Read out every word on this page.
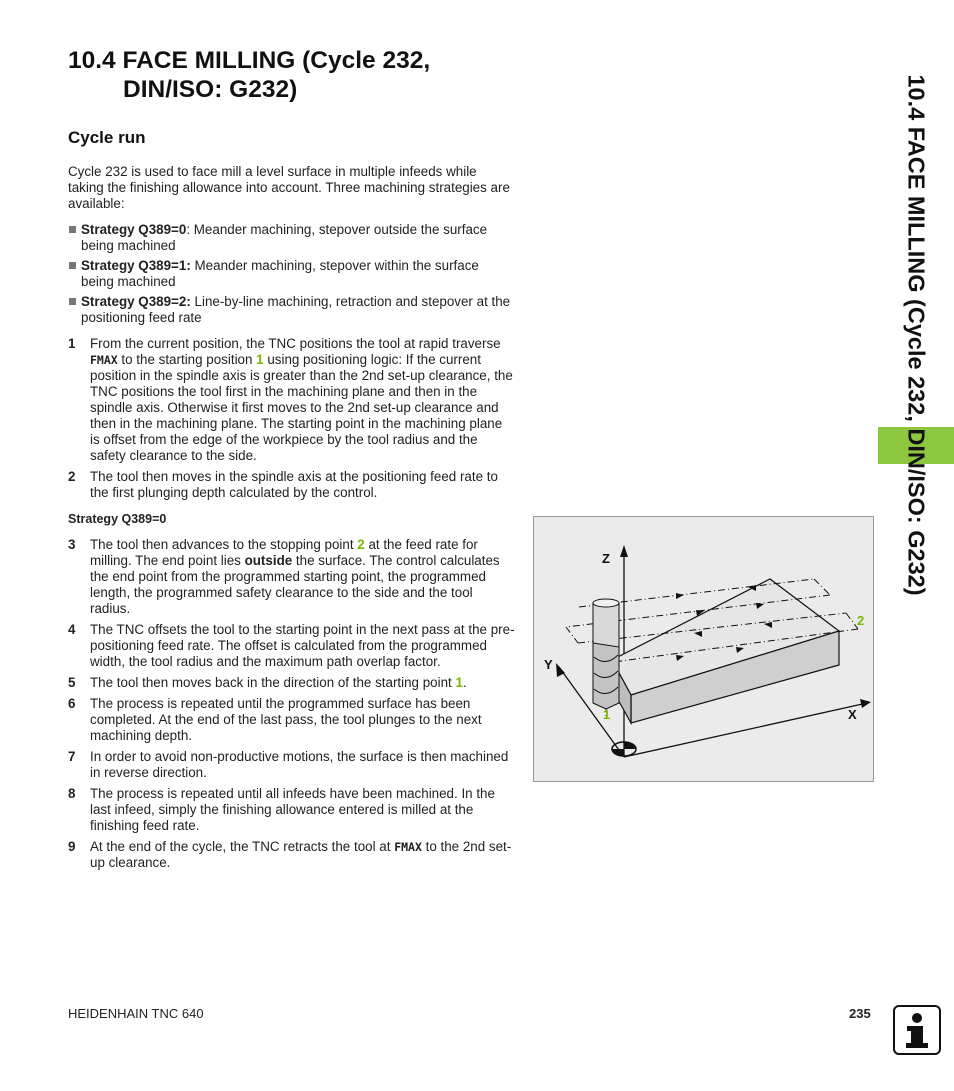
10.4 FACE MILLING (Cycle 232,
DIN/ISO: G232)
Cycle run

Cycle 232 is used to face mill a level surface in multiple infeeds while taking the finishing allowance into account. Three machining strategies are available:

Strategy Q389=0: Meander machining, stepover outside the surface being machined
Strategy Q389=1: Meander machining, stepover within the surface being machined
Strategy Q389=2: Line-by-line machining, retraction and stepover at the positioning feed rate
1 From the current position, the TNC positions the tool at rapid traverse FMAX to the starting position 1 using positioning logic: If the current position in the spindle axis is greater than the 2nd set-up clearance, the TNC positions the tool first in the machining plane and then in the spindle axis. Otherwise it first moves to the 2nd set-up clearance and then in the machining plane. The starting point in the machining plane is offset from the edge of the workpiece by the tool radius and the safety clearance to the side.
2 The tool then moves in the spindle axis at the positioning feed rate to the first plunging depth calculated by the control.

Strategy Q389=0

3 The tool then advances to the stopping point 2 at the feed rate for milling. The end point lies outside the surface. The control calculates the end point from the programmed starting point, the programmed length, the programmed safety clearance to the side and the tool radius.
4 The TNC offsets the tool to the starting point in the next pass at the pre-positioning feed rate. The offset is calculated from the programmed width, the tool radius and the maximum path overlap factor.
5 The tool then moves back in the direction of the starting point 1.
6 The process is repeated until the programmed surface has been completed. At the end of the last pass, the tool plunges to the next machining depth.
7 In order to avoid non-productive motions, the surface is then machined in reverse direction.
8 The process is repeated until all infeeds have been machined. In the last infeed, simply the finishing allowance entered is milled at the finishing feed rate.
9 At the end of the cycle, the TNC retracts the tool at FMAX to the 2nd set-up clearance.
Z
Y
X
1
2
10.4 FACE MILLING (Cycle 232, DIN/ISO: G232)
HEIDENHAIN TNC 640	235
